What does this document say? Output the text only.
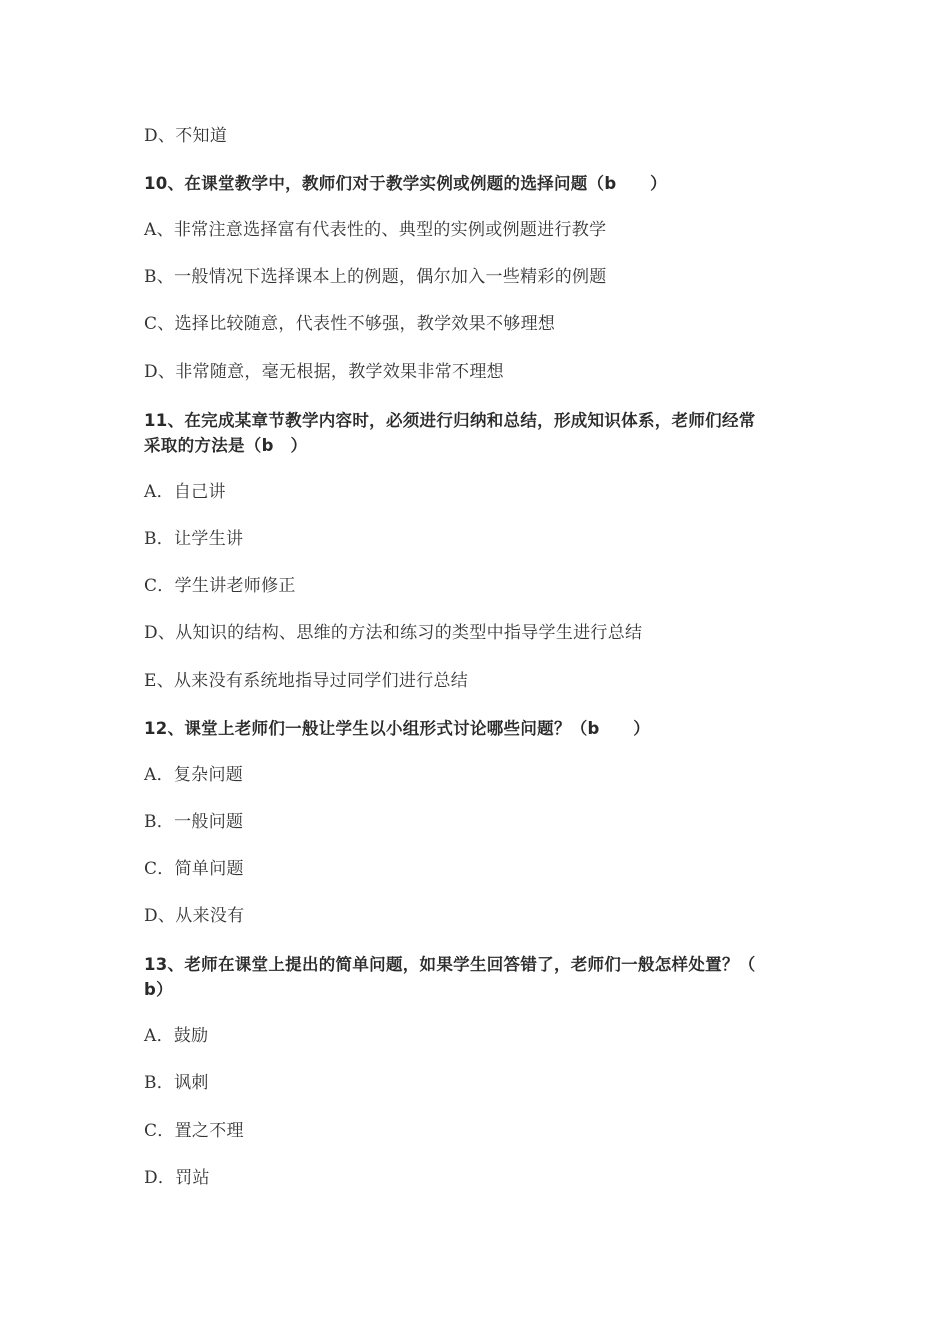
D、不知道
10、在课堂教学中，教师们对于教学实例或例题的选择问题（b　　）
A、非常注意选择富有代表性的、典型的实例或例题进行教学
B、一般情况下选择课本上的例题，偶尔加入一些精彩的例题
C、选择比较随意，代表性不够强，教学效果不够理想
D、非常随意，毫无根据，教学效果非常不理想
11、在完成某章节教学内容时，必须进行归纳和总结，形成知识体系，老师们经常
采取的方法是（b　）
A．自己讲
B．让学生讲
C．学生讲老师修正
D、从知识的结构、思维的方法和练习的类型中指导学生进行总结
E、从来没有系统地指导过同学们进行总结
12、课堂上老师们一般让学生以小组形式讨论哪些问题？（b　　）
A．复杂问题
B．一般问题
C．简单问题
D、从来没有
13、老师在课堂上提出的简单问题，如果学生回答错了，老师们一般怎样处置？（
b）
A．鼓励
B．讽刺
C．置之不理
D．罚站
